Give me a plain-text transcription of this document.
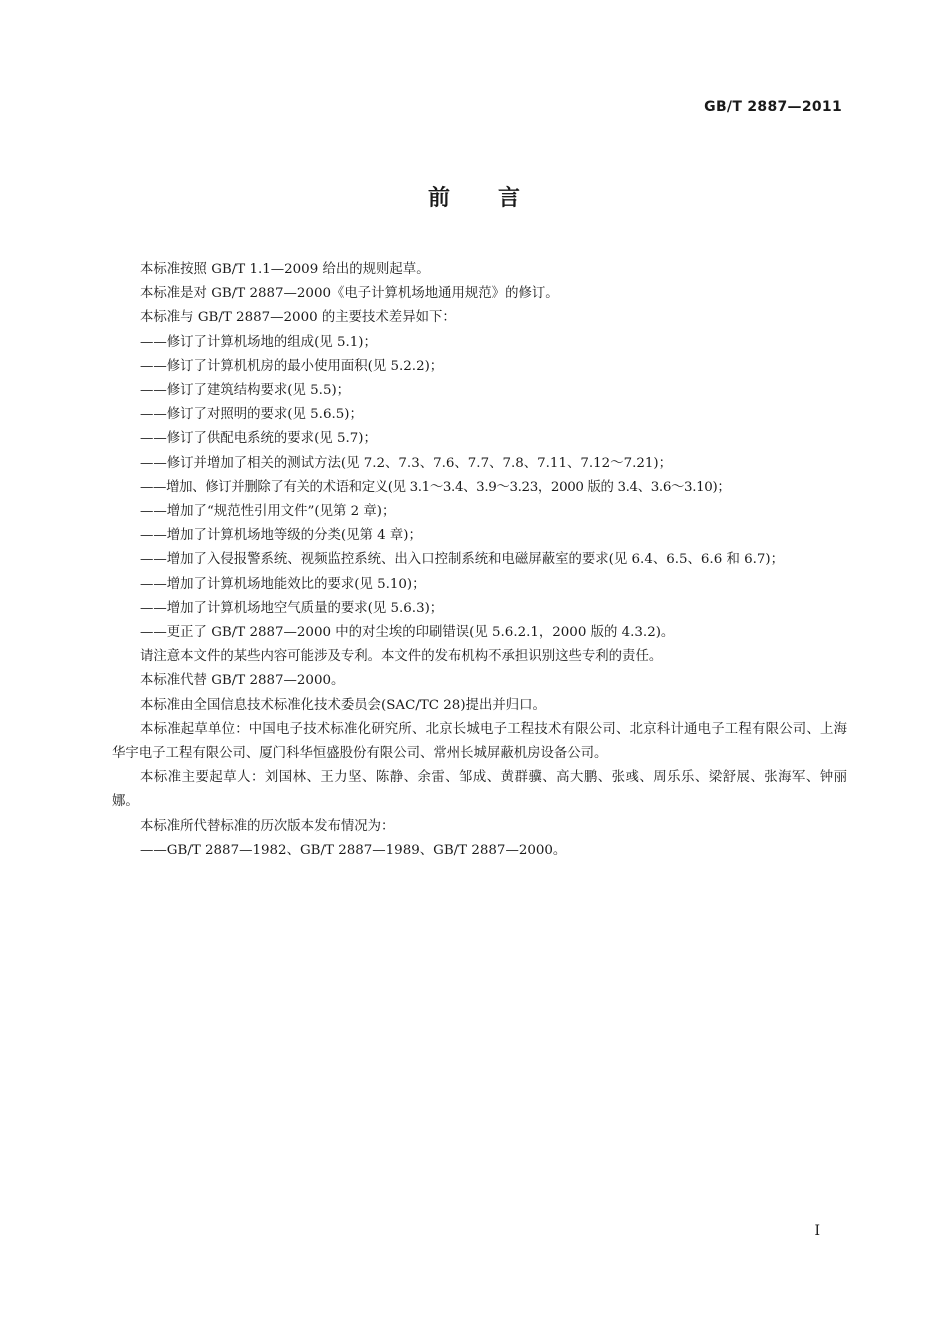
GB/T 2887—2011
前 言

本标准按照 GB/T 1.1—2009 给出的规则起草。

本标准是对 GB/T 2887—2000《电子计算机场地通用规范》的修订。

本标准与 GB/T 2887—2000 的主要技术差异如下：

——修订了计算机场地的组成(见 5.1)；

——修订了计算机机房的最小使用面积(见 5.2.2)；

——修订了建筑结构要求(见 5.5)；

——修订了对照明的要求(见 5.6.5)；

——修订了供配电系统的要求(见 5.7)；

——修订并增加了相关的测试方法(见 7.2、7.3、7.6、7.7、7.8、7.11、7.12～7.21)；

——增加、修订并删除了有关的术语和定义(见 3.1～3.4、3.9～3.23，2000 版的 3.4、3.6～3.10)；

——增加了“规范性引用文件”(见第 2 章)；

——增加了计算机场地等级的分类(见第 4 章)；

——增加了入侵报警系统、视频监控系统、出入口控制系统和电磁屏蔽室的要求(见 6.4、6.5、6.6 和 6.7)；

——增加了计算机场地能效比的要求(见 5.10)；

——增加了计算机场地空气质量的要求(见 5.6.3)；

——更正了 GB/T 2887—2000 中的对尘埃的印刷错误(见 5.6.2.1，2000 版的 4.3.2)。

请注意本文件的某些内容可能涉及专利。本文件的发布机构不承担识别这些专利的责任。

本标准代替 GB/T 2887—2000。

本标准由全国信息技术标准化技术委员会(SAC/TC 28)提出并归口。

本标准起草单位：中国电子技术标准化研究所、北京长城电子工程技术有限公司、北京科计通电子工程有限公司、上海华宇电子工程有限公司、厦门科华恒盛股份有限公司、常州长城屏蔽机房设备公司。

本标准主要起草人：刘国林、王力坚、陈静、余雷、邹成、黄群骥、高大鹏、张彧、周乐乐、梁舒展、张海军、钟丽娜。

本标准所代替标准的历次版本发布情况为：

——GB/T 2887—1982、GB/T 2887—1989、GB/T 2887—2000。

I
